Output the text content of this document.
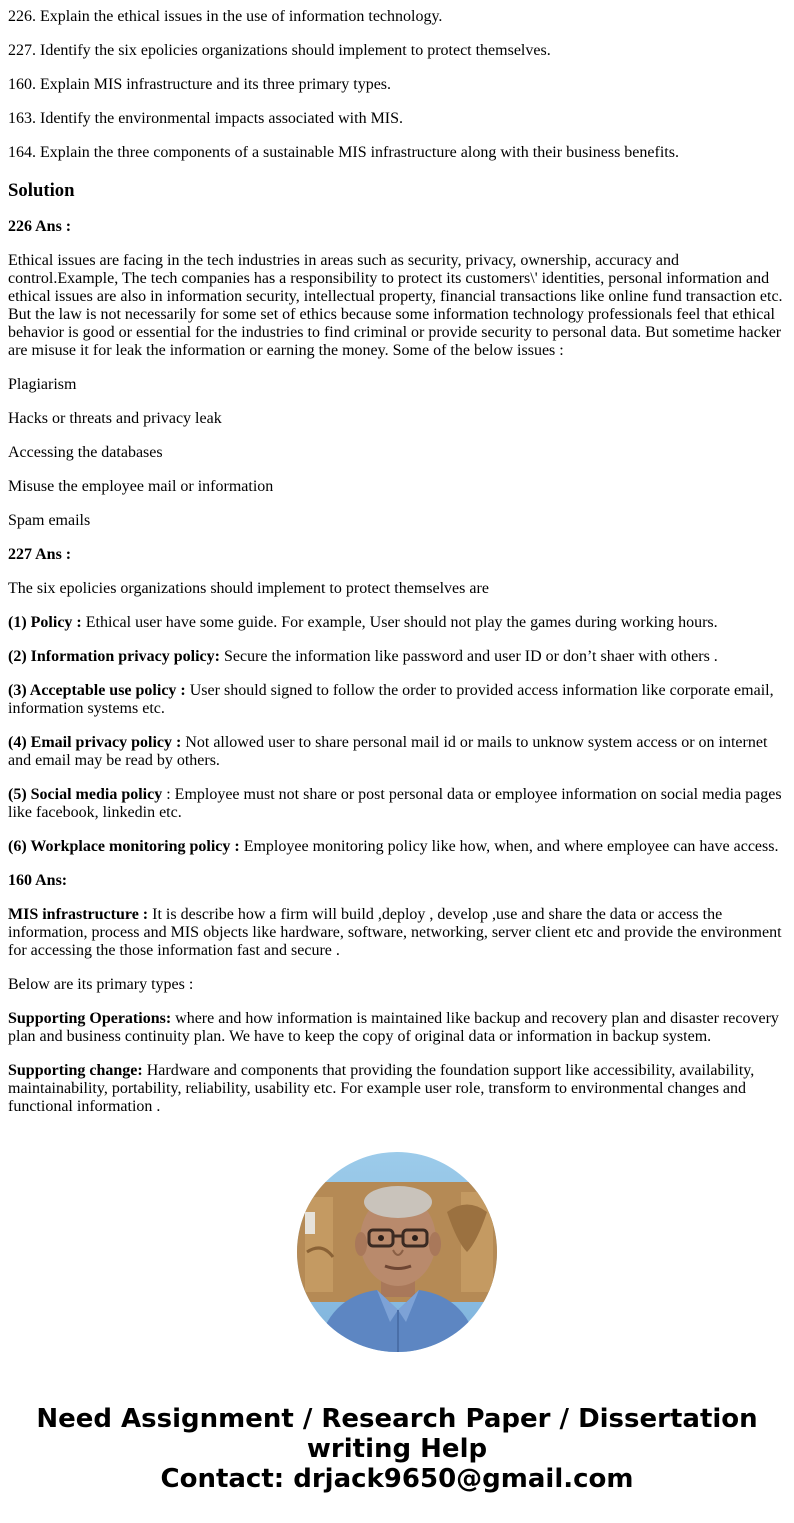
226. Explain the ethical issues in the use of information technology.

227. Identify the six epolicies organizations should implement to protect themselves.

160. Explain MIS infrastructure and its three primary types.

163. Identify the environmental impacts associated with MIS.

164. Explain the three components of a sustainable MIS infrastructure along with their business benefits.

Solution

226 Ans :

Ethical issues are facing in the tech industries in areas such as security, privacy, ownership, accuracy and control.Example, The tech companies has a responsibility to protect its customers\' identities, personal information and ethical issues are also in information security, intellectual property, financial transactions like online fund transaction etc. But the law is not necessarily for some set of ethics because some information technology professionals feel that ethical behavior is good or essential for the industries to find criminal or provide security to personal data. But sometime hacker are misuse it for leak the information or earning the money. Some of the below issues :

Plagiarism

Hacks or threats and privacy leak

Accessing the databases

Misuse the employee mail or information

Spam emails

227 Ans :

The six epolicies organizations should implement to protect themselves are

(1) Policy : Ethical user have some guide. For example, User should not play the games during working hours.

(2) Information privacy policy: Secure the information like password and user ID or don’t shaer with others .

(3) Acceptable use policy : User should signed to follow the order to provided access information like corporate email, information systems etc.

(4) Email privacy policy : Not allowed user to share personal mail id or mails to unknow system access or on internet and email may be read by others.

(5) Social media policy : Employee must not share or post personal data or employee information on social media pages like facebook, linkedin etc.

(6) Workplace monitoring policy : Employee monitoring policy like how, when, and where employee can have access.

160 Ans:

MIS infrastructure : It is describe how a firm will build ,deploy , develop ,use and share the data or access the information, process and MIS objects like hardware, software, networking, server client etc and provide the environment for accessing the those information fast and secure .

Below are its primary types :

Supporting Operations: where and how information is maintained like backup and recovery plan and disaster recovery plan and business continuity plan. We have to keep the copy of original data or information in backup system.

Supporting change: Hardware and components that providing the foundation support like accessibility, availability, maintainability, portability, reliability, usability etc. For example user role, transform to environmental changes and functional information .

Need Assignment / Research Paper / Dissertation
writing Help
Contact: drjack9650@gmail.com
